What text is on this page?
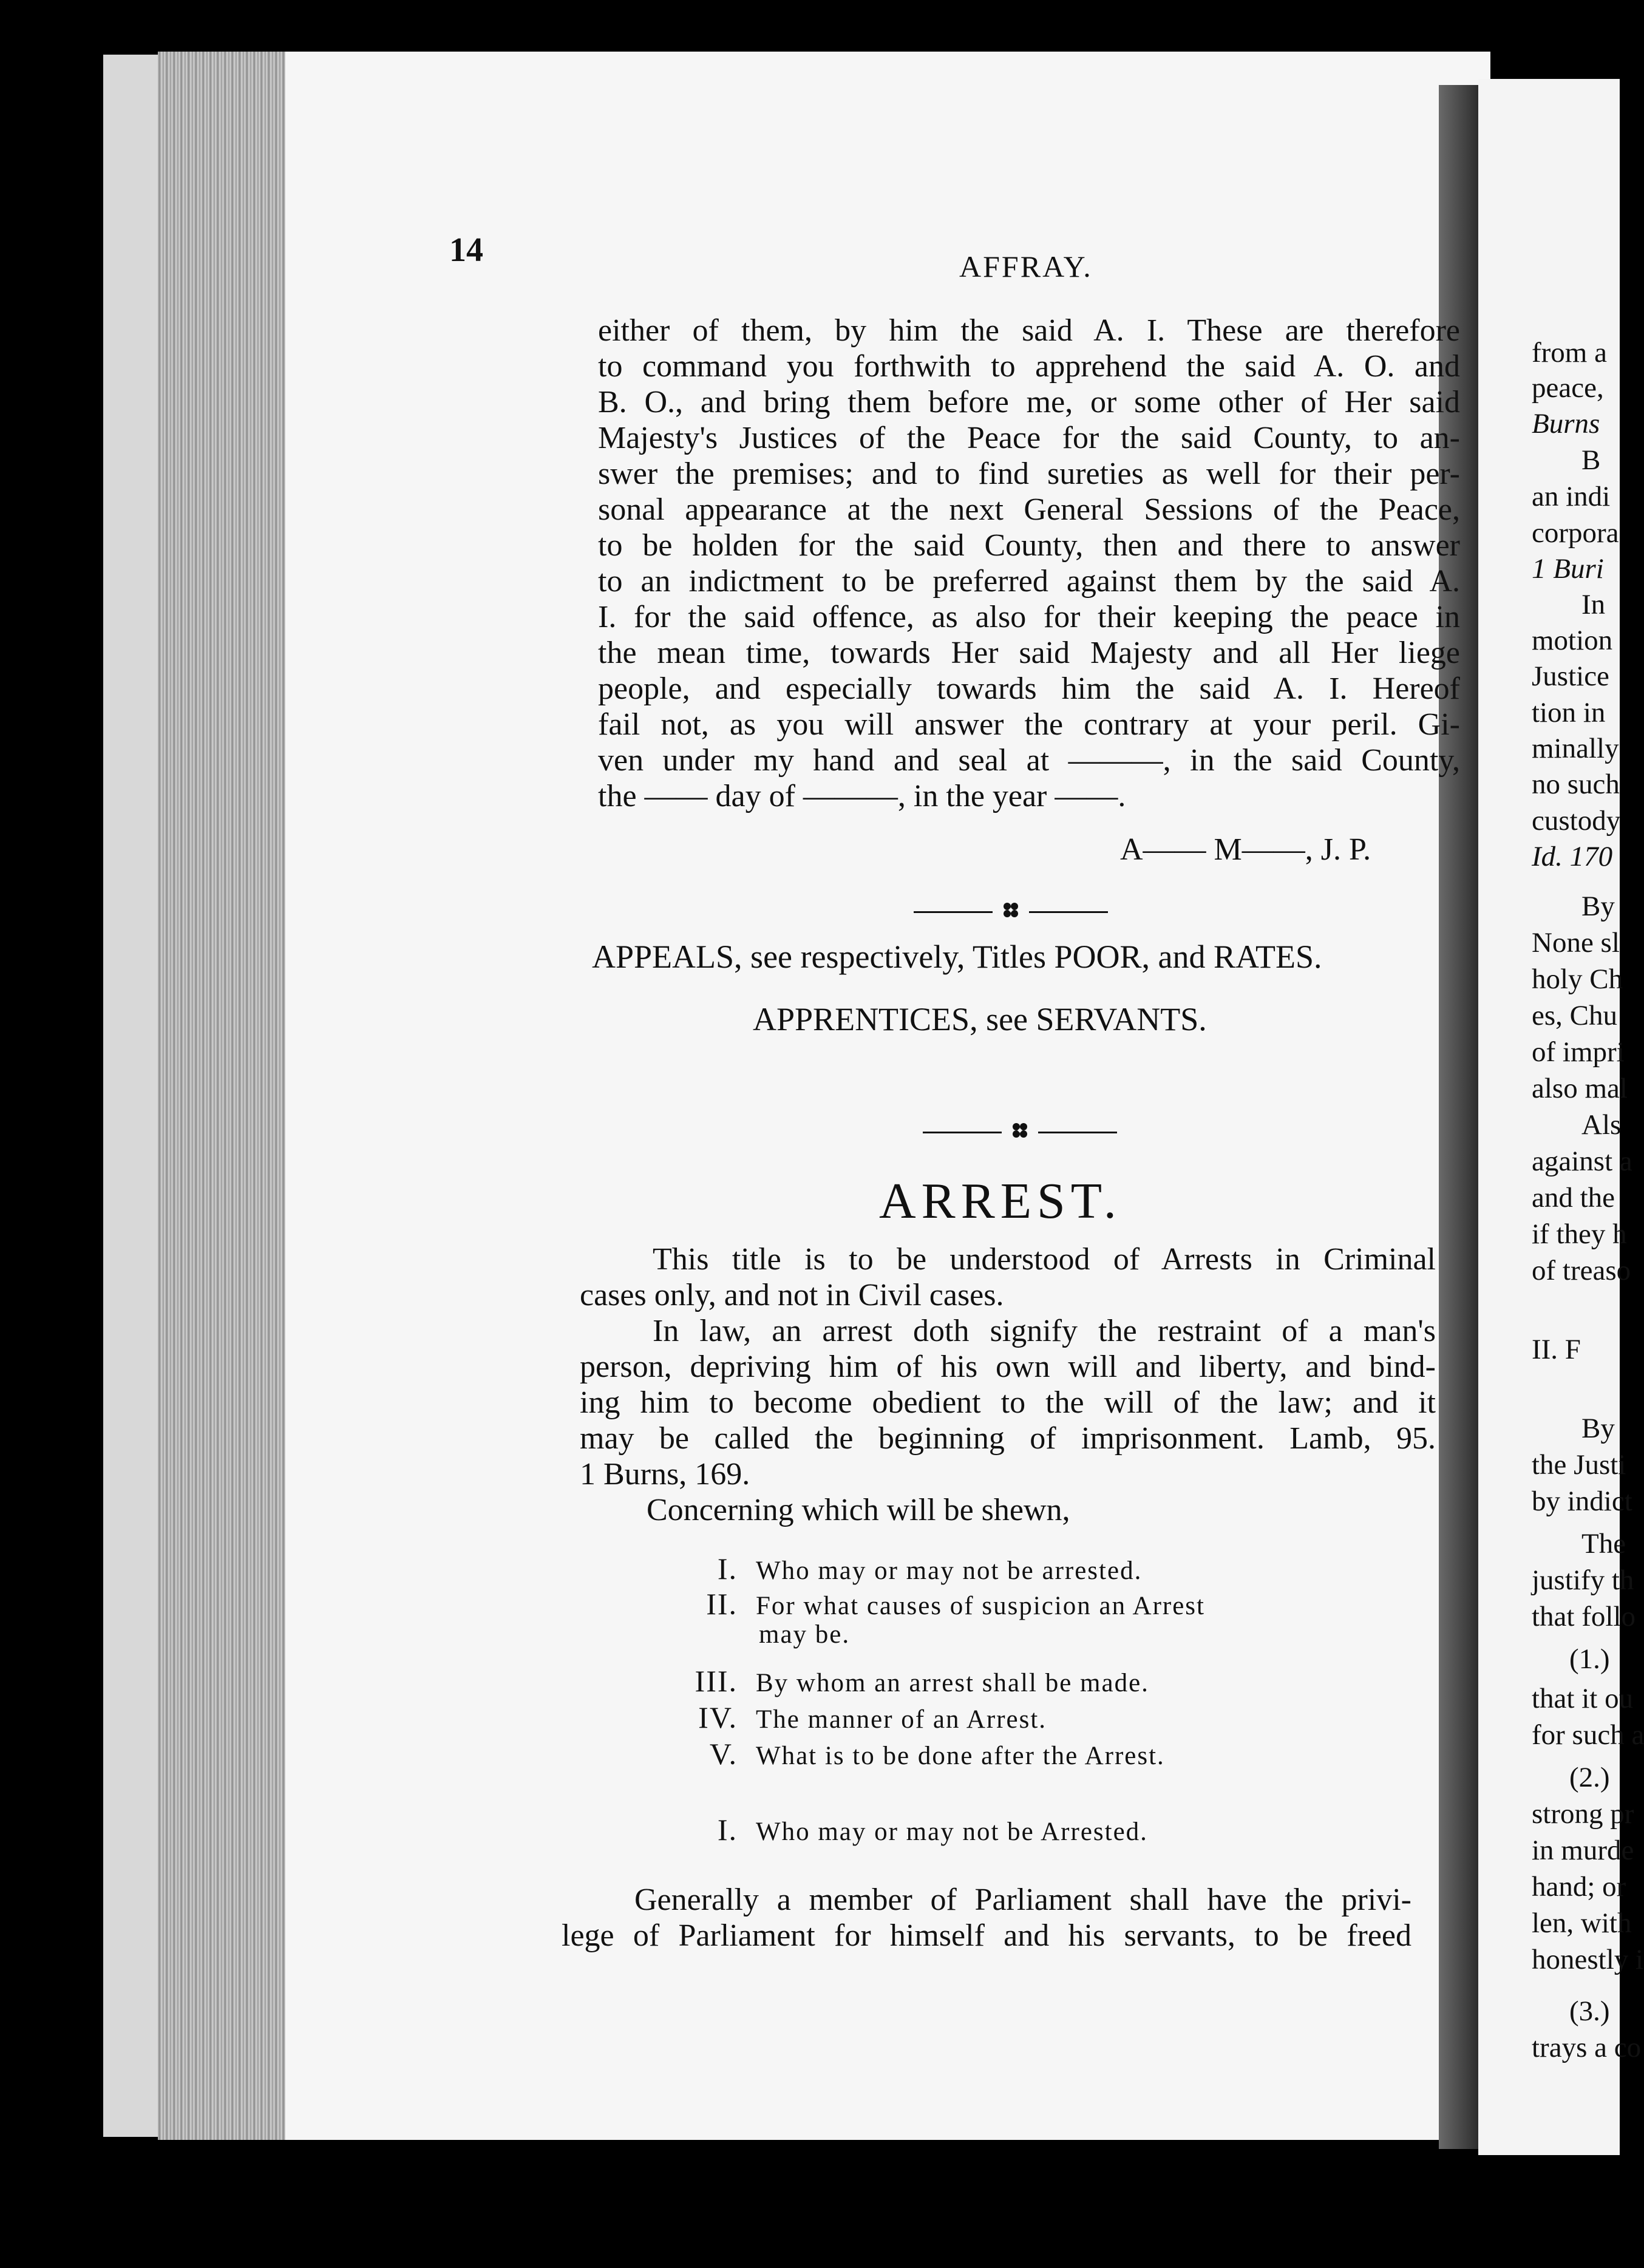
from a
peace,
Burns
B
an indi
corpora
1 Buri
In
motion
Justice
tion in
minally
no such
custody
Id. 170
By
None sl
holy Ch
es, Chu
of impri
also mal
Als
against a
and the
if they h
of treaso
II. F
By
the Justi
by indict
The
justify th
that follo
(1.)
that it ou
for such a
(2.)
strong pr
in murde
hand; or
len, with
honestly i
(3.)
trays a co
14	AFFRAY.

either of them, by him the said A. I. These are therefore

to command you forthwith to apprehend the said A. O. and

B. O., and bring them before me, or some other of Her said

Majesty's Justices of the Peace for the said County, to an-

swer the premises; and to find sureties as well for their per-

sonal appearance at the next General Sessions of the Peace,

to be holden for the said County, then and there to answer

to an indictment to be preferred against them by the said A.

I. for the said offence, as also for their keeping the peace in

the mean time, towards Her said Majesty and all Her liege

people, and especially towards him the said A. I. Hereof

fail not, as you will answer the contrary at your peril. Gi-

ven under my hand and seal at ———, in the said County,

the —— day of ———, in the year ——.

A—— M——, J. P.
APPEALS, see respectively, Titles POOR, and RATES.
APPRENTICES, see SERVANTS.
ARREST.

This title is to be understood of Arrests in Criminal

cases only, and not in Civil cases.

In law, an arrest doth signify the restraint of a man's

person, depriving him of his own will and liberty, and bind-

ing him to become obedient to the will of the law; and it

may be called the beginning of imprisonment. Lamb, 95.

1 Burns, 169.

Concerning which will be shewn,

I. Who may or may not be arrested.
II. For what causes of suspicion an Arrest
may be.
III. By whom an arrest shall be made.
IV. The manner of an Arrest.
V. What is to be done after the Arrest.
I. Who may or may not be Arrested.

Generally a member of Parliament shall have the privi-

lege of Parliament for himself and his servants, to be freed
